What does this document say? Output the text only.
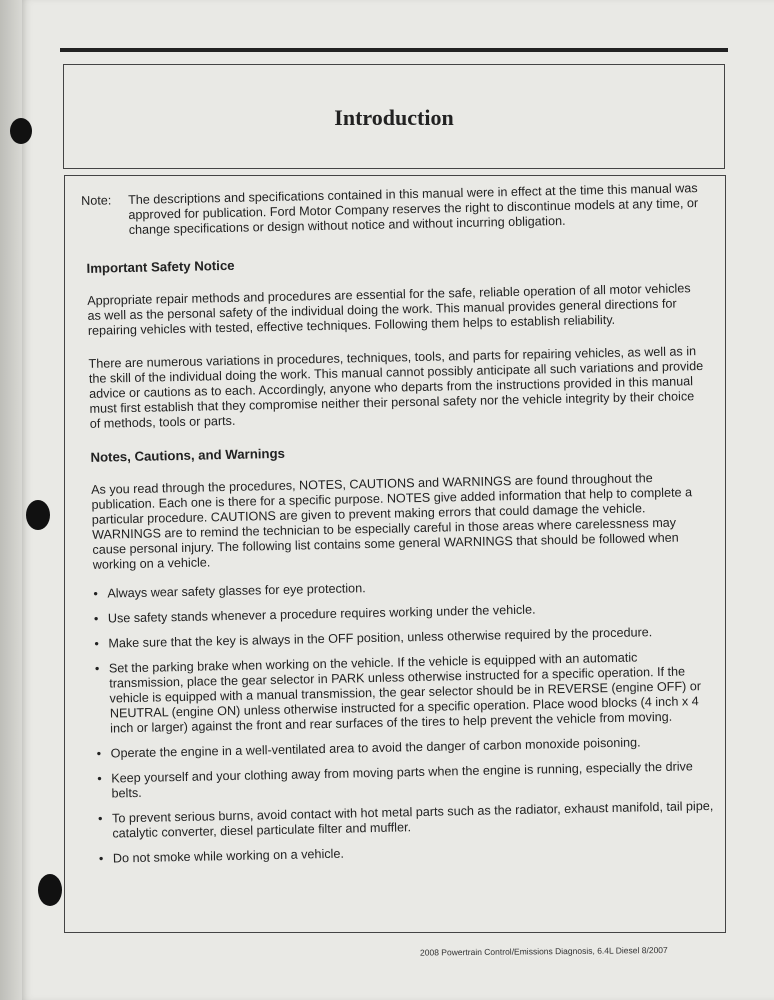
Introduction
Note:	The descriptions and specifications contained in this manual were in effect at the time this manual was approved for publication. Ford Motor Company reserves the right to discontinue models at any time, or change specifications or design without notice and without incurring obligation.
Important Safety Notice

Appropriate repair methods and procedures are essential for the safe, reliable operation of all motor vehicles as well as the personal safety of the individual doing the work. This manual provides general directions for repairing vehicles with tested, effective techniques. Following them helps to establish reliability.

There are numerous variations in procedures, techniques, tools, and parts for repairing vehicles, as well as in the skill of the individual doing the work. This manual cannot possibly anticipate all such variations and provide advice or cautions as to each. Accordingly, anyone who departs from the instructions provided in this manual must first establish that they compromise neither their personal safety nor the vehicle integrity by their choice of methods, tools or parts.

Notes, Cautions, and Warnings

As you read through the procedures, NOTES, CAUTIONS and WARNINGS are found throughout the publication. Each one is there for a specific purpose. NOTES give added information that help to complete a particular procedure. CAUTIONS are given to prevent making errors that could damage the vehicle. WARNINGS are to remind the technician to be especially careful in those areas where carelessness may cause personal injury. The following list contains some general WARNINGS that should be followed when working on a vehicle.

• Always wear safety glasses for eye protection.
• Use safety stands whenever a procedure requires working under the vehicle.
• Make sure that the key is always in the OFF position, unless otherwise required by the procedure.
• Set the parking brake when working on the vehicle. If the vehicle is equipped with an automatic transmission, place the gear selector in PARK unless otherwise instructed for a specific operation. If the vehicle is equipped with a manual transmission, the gear selector should be in REVERSE (engine OFF) or NEUTRAL (engine ON) unless otherwise instructed for a specific operation. Place wood blocks (4 inch x 4 inch or larger) against the front and rear surfaces of the tires to help prevent the vehicle from moving.
• Operate the engine in a well-ventilated area to avoid the danger of carbon monoxide poisoning.
• Keep yourself and your clothing away from moving parts when the engine is running, especially the drive belts.
• To prevent serious burns, avoid contact with hot metal parts such as the radiator, exhaust manifold, tail pipe, catalytic converter, diesel particulate filter and muffler.
• Do not smoke while working on a vehicle.
2008 Powertrain Control/Emissions Diagnosis, 6.4L Diesel 8/2007
